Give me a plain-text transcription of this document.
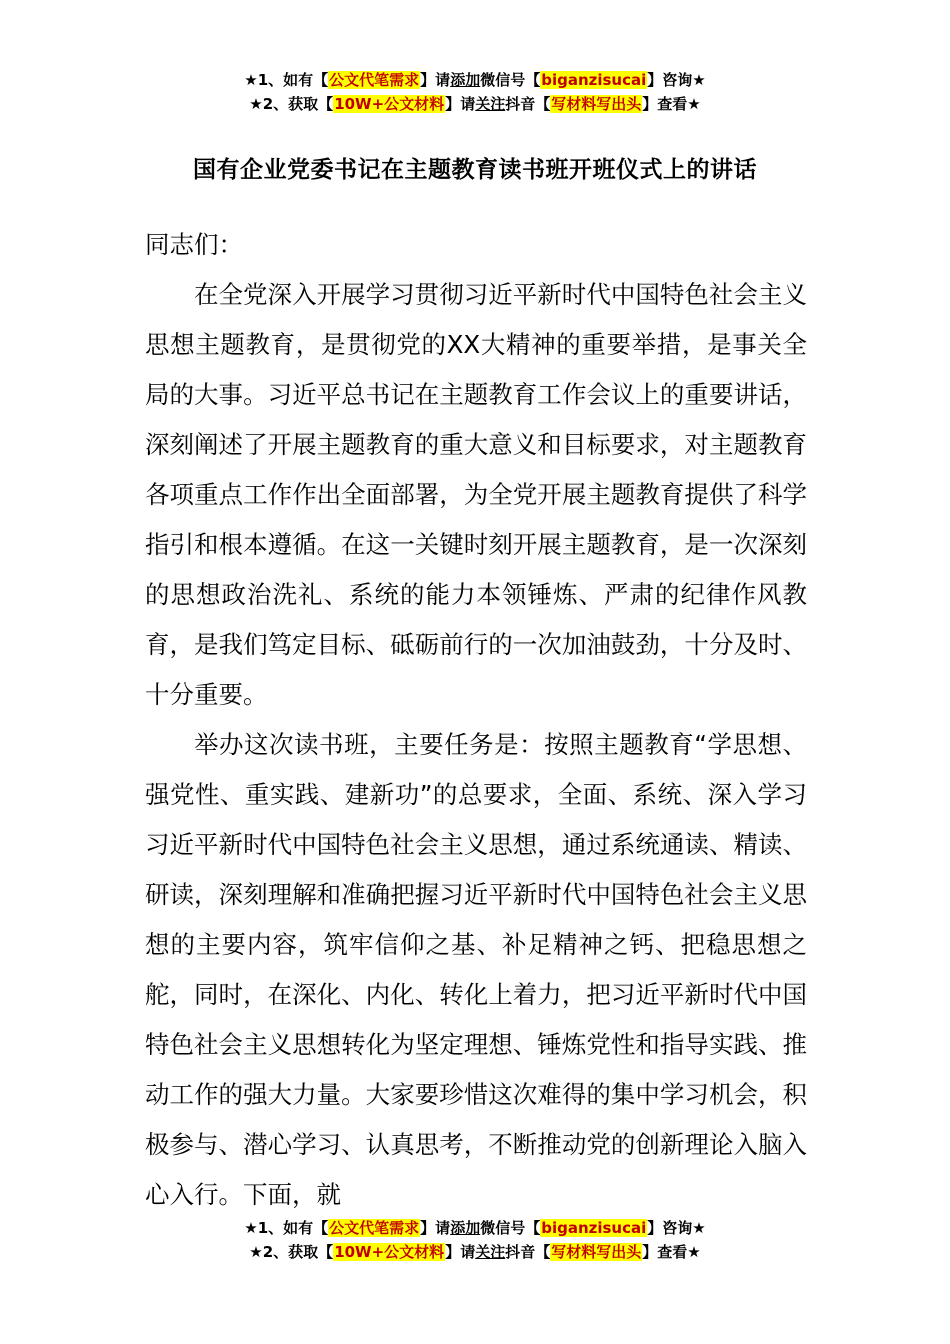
★1、如有【公文代笔需求】请添加微信号【biganzisucai】咨询★
★2、获取【10W+公文材料】请关注抖音【写材料写出头】查看★
国有企业党委书记在主题教育读书班开班仪式上的讲话

同志们：

在全党深入开展学习贯彻习近平新时代中国特色社会主义思想主题教育，是贯彻党的XX大精神的重要举措，是事关全局的大事。习近平总书记在主题教育工作会议上的重要讲话，深刻阐述了开展主题教育的重大意义和目标要求，对主题教育各项重点工作作出全面部署，为全党开展主题教育提供了科学指引和根本遵循。在这一关键时刻开展主题教育，是一次深刻的思想政治洗礼、系统的能力本领锤炼、严肃的纪律作风教育，是我们笃定目标、砥砺前行的一次加油鼓劲，十分及时、十分重要。

举办这次读书班，主要任务是：按照主题教育“学思想、强党性、重实践、建新功”的总要求，全面、系统、深入学习习近平新时代中国特色社会主义思想，通过系统通读、精读、研读，深刻理解和准确把握习近平新时代中国特色社会主义思想的主要内容，筑牢信仰之基、补足精神之钙、把稳思想之舵，同时，在深化、内化、转化上着力，把习近平新时代中国特色社会主义思想转化为坚定理想、锤炼党性和指导实践、推动工作的强大力量。大家要珍惜这次难得的集中学习机会，积极参与、潜心学习、认真思考，不断推动党的创新理论入脑入心入行。下面，就

★1、如有【公文代笔需求】请添加微信号【biganzisucai】咨询★
★2、获取【10W+公文材料】请关注抖音【写材料写出头】查看★
